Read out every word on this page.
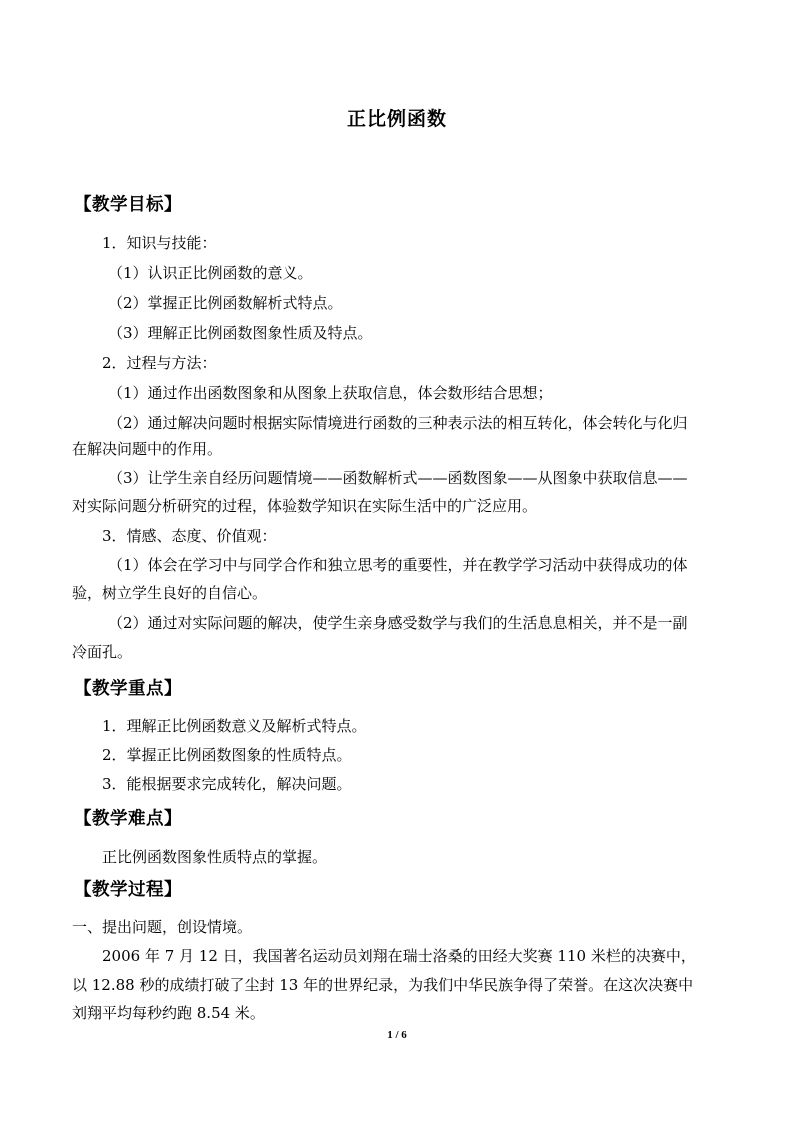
正比例函数
【教学目标】
1．知识与技能：
（1）认识正比例函数的意义。
（2）掌握正比例函数解析式特点。
（3）理解正比例函数图象性质及特点。
2．过程与方法：
（1）通过作出函数图象和从图象上获取信息，体会数形结合思想；
（2）通过解决问题时根据实际情境进行函数的三种表示法的相互转化，体会转化与化归
在解决问题中的作用。
（3）让学生亲自经历问题情境——函数解析式——函数图象——从图象中获取信息——
对实际问题分析研究的过程，体验数学知识在实际生活中的广泛应用。
3．情感、态度、价值观：
（1）体会在学习中与同学合作和独立思考的重要性，并在教学学习活动中获得成功的体
验，树立学生良好的自信心。
（2）通过对实际问题的解决，使学生亲身感受数学与我们的生活息息相关，并不是一副
冷面孔。
【教学重点】
1．理解正比例函数意义及解析式特点。
2．掌握正比例函数图象的性质特点。
3．能根据要求完成转化，解决问题。
【教学难点】
正比例函数图象性质特点的掌握。
【教学过程】
一、提出问题，创设情境。
2006 年 7 月 12 日，我国著名运动员刘翔在瑞士洛桑的田经大奖赛 110 米栏的决赛中，
以 12.88 秒的成绩打破了尘封 13 年的世界纪录，为我们中华民族争得了荣誉。在这次决赛中
刘翔平均每秒约跑 8.54 米。
1 / 6
